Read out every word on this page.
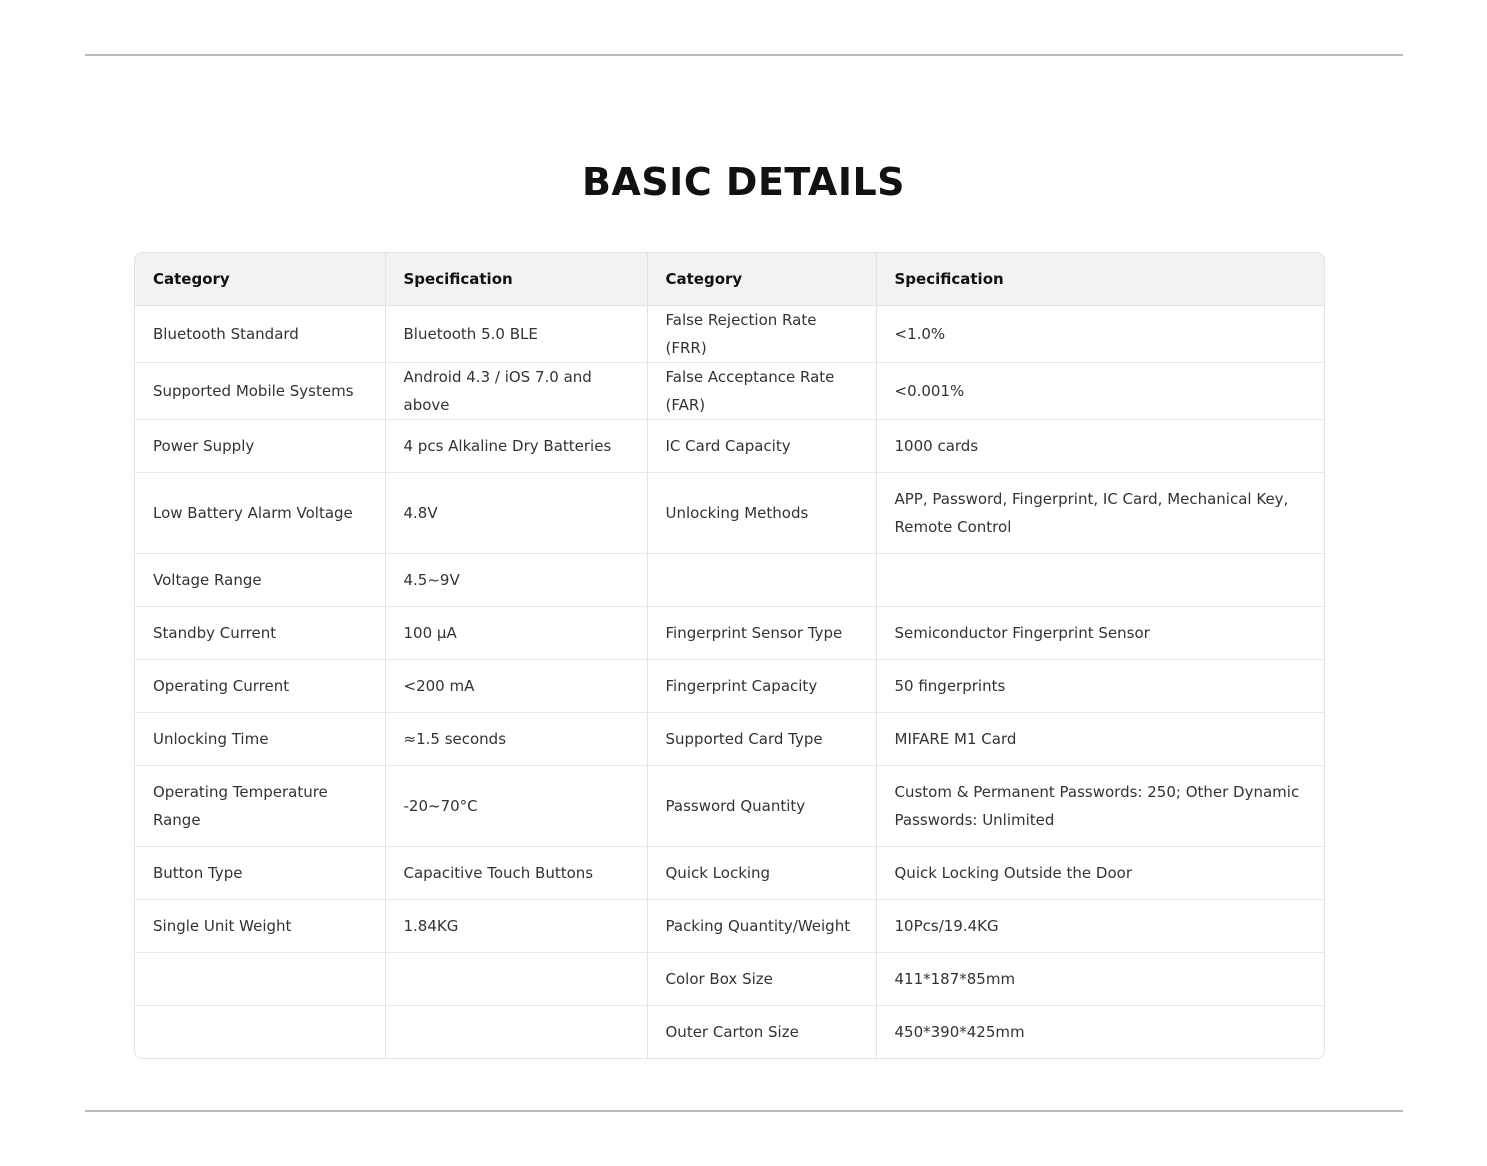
BASIC DETAILS
Category	Specification	Category	Specification
Bluetooth Standard	Bluetooth 5.0 BLE	False Rejection Rate (FRR)	<1.0%
Supported Mobile Systems	Android 4.3 / iOS 7.0 and above	False Acceptance Rate (FAR)	<0.001%
Power Supply	4 pcs Alkaline Dry Batteries	IC Card Capacity	1000 cards
Low Battery Alarm Voltage	4.8V	Unlocking Methods	APP, Password, Fingerprint, IC Card, Mechanical Key, Remote Control
Voltage Range	4.5~9V		
Standby Current	100 μA	Fingerprint Sensor Type	Semiconductor Fingerprint Sensor
Operating Current	<200 mA	Fingerprint Capacity	50 fingerprints
Unlocking Time	≈1.5 seconds	Supported Card Type	MIFARE M1 Card
Operating Temperature Range	-20~70°C	Password Quantity	Custom & Permanent Passwords: 250; Other Dynamic Passwords: Unlimited
Button Type	Capacitive Touch Buttons	Quick Locking	Quick Locking Outside the Door
Single Unit Weight	1.84KG	Packing Quantity/Weight	10Pcs/19.4KG
		Color Box Size	411*187*85mm
		Outer Carton Size	450*390*425mm
